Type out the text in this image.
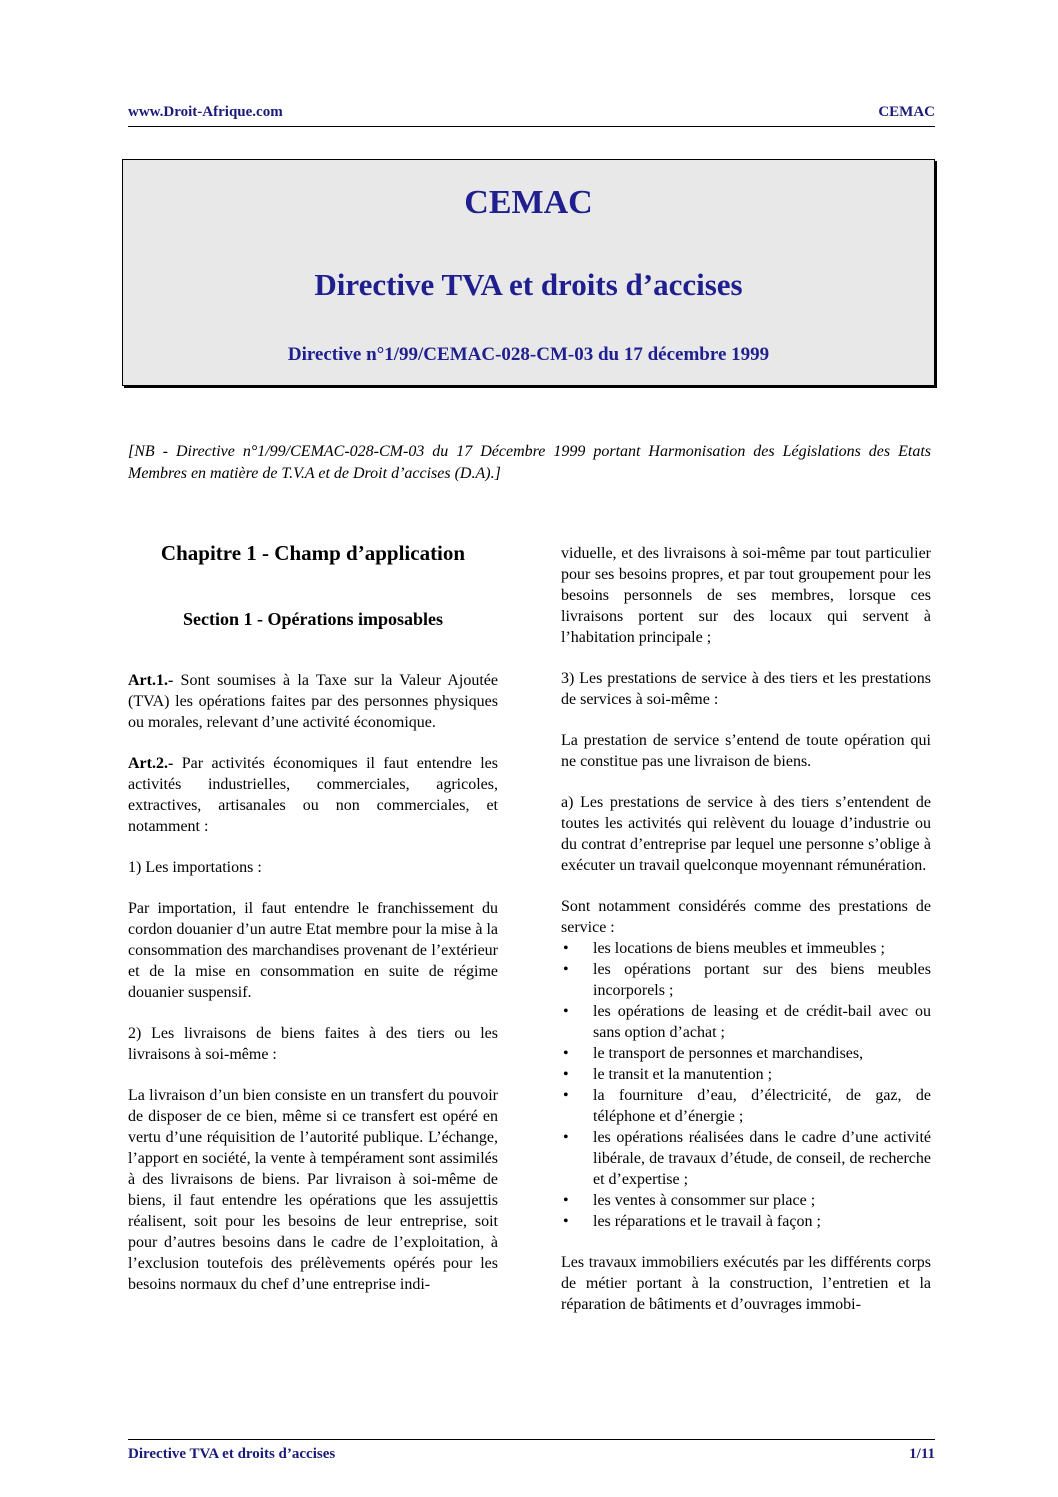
www.Droit-Afrique.com	CEMAC
CEMAC
Directive TVA et droits d’accises
Directive n°1/99/CEMAC-028-CM-03 du 17 décembre 1999
[NB - Directive n°1/99/CEMAC-028-CM-03 du 17 Décembre 1999 portant Harmonisation des Législations des Etats Membres en matière de T.V.A et de Droit d’accises (D.A).]
Chapitre 1 - Champ d’application
Section 1 - Opérations imposables

Art.1.- Sont soumises à la Taxe sur la Valeur Ajoutée (TVA) les opérations faites par des personnes physiques ou morales, relevant d’une activité économique.

Art.2.- Par activités économiques il faut entendre les activités industrielles, commerciales, agricoles, extractives, artisanales ou non commerciales, et notamment :

1) Les importations :

Par importation, il faut entendre le franchissement du cordon douanier d’un autre Etat membre pour la mise à la consommation des marchandises provenant de l’extérieur et de la mise en consommation en suite de régime douanier suspensif.

2) Les livraisons de biens faites à des tiers ou les livraisons à soi-même :

La livraison d’un bien consiste en un transfert du pouvoir de disposer de ce bien, même si ce transfert est opéré en vertu d’une réquisition de l’autorité publique. L’échange, l’apport en société, la vente à tempérament sont assimilés à des livraisons de biens. Par livraison à soi-même de biens, il faut entendre les opérations que les assujettis réalisent, soit pour les besoins de leur entreprise, soit pour d’autres besoins dans le cadre de l’exploitation, à l’exclusion toutefois des prélèvements opérés pour les besoins normaux du chef d’une entreprise indi-

viduelle, et des livraisons à soi-même par tout particulier pour ses besoins propres, et par tout groupement pour les besoins personnels de ses membres, lorsque ces livraisons portent sur des locaux qui servent à l’habitation principale ;

3) Les prestations de service à des tiers et les prestations de services à soi-même :

La prestation de service s’entend de toute opération qui ne constitue pas une livraison de biens.

a) Les prestations de service à des tiers s’entendent de toutes les activités qui relèvent du louage d’industrie ou du contrat d’entreprise par lequel une personne s’oblige à exécuter un travail quelconque moyennant rémunération.

Sont notamment considérés comme des prestations de service :

• les locations de biens meubles et immeubles ;
• les opérations portant sur des biens meubles incorporels ;
• les opérations de leasing et de crédit-bail avec ou sans option d’achat ;
• le transport de personnes et marchandises,
• le transit et la manutention ;
• la fourniture d’eau, d’électricité, de gaz, de téléphone et d’énergie ;
• les opérations réalisées dans le cadre d’une activité libérale, de travaux d’étude, de conseil, de recherche et d’expertise ;
• les ventes à consommer sur place ;
• les réparations et le travail à façon ;

Les travaux immobiliers exécutés par les différents corps de métier portant à la construction, l’entretien et la réparation de bâtiments et d’ouvrages immobi-

Directive TVA et droits d’accises	1/11
